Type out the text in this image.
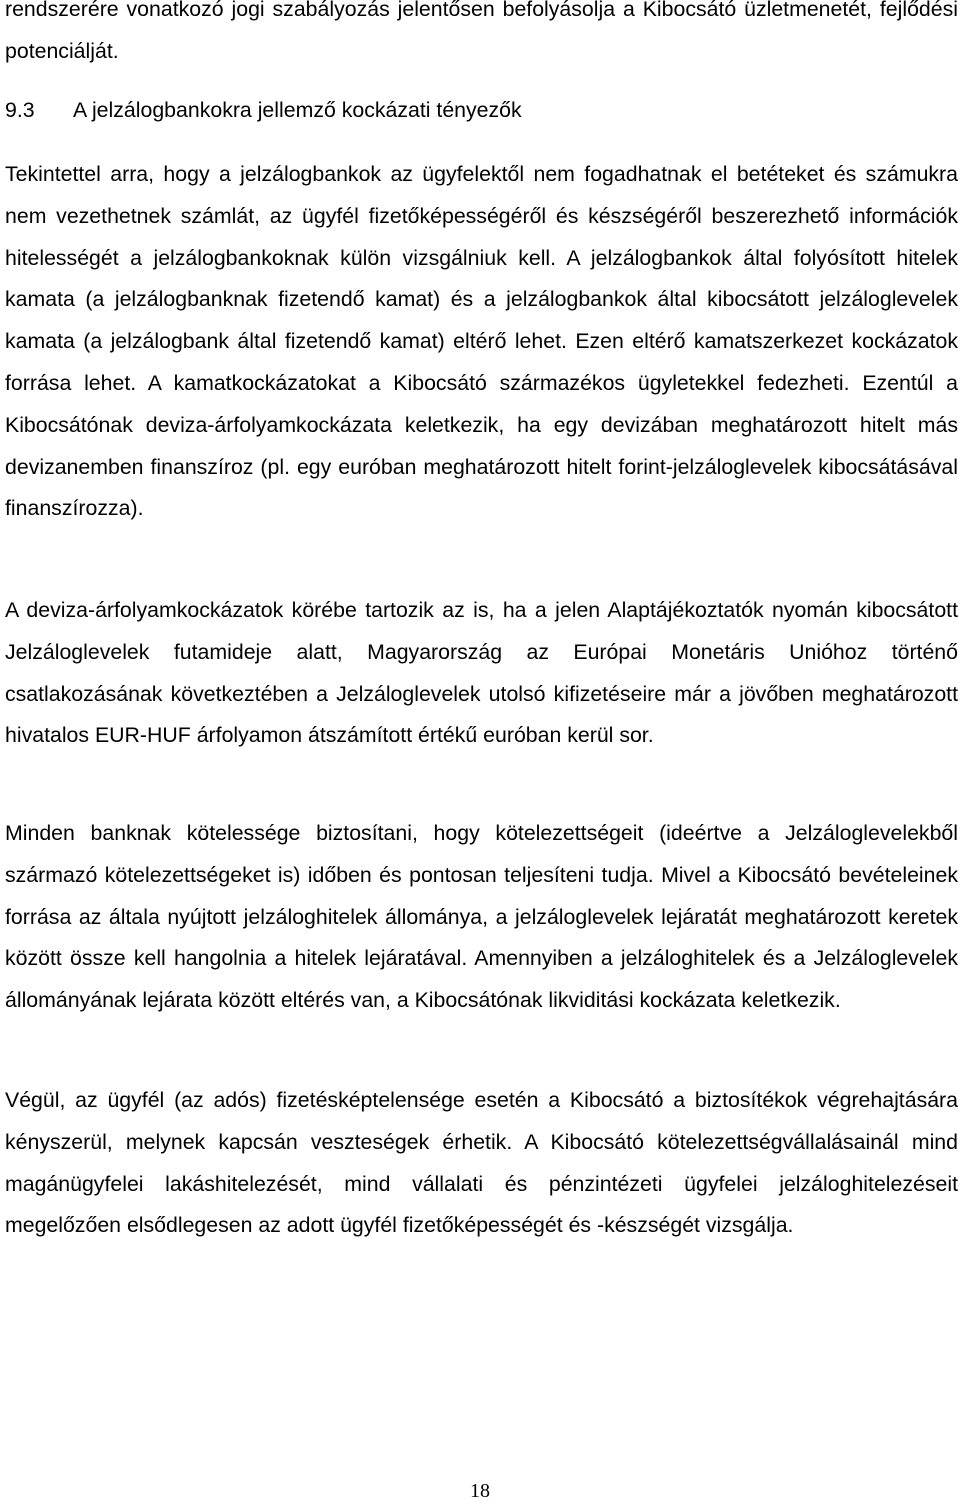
rendszerére vonatkozó jogi szabályozás jelentősen befolyásolja a Kibocsátó üzletmenetét, fejlődési potenciálját.

9.3 A jelzálogbankokra jellemző kockázati tényezők

Tekintettel arra, hogy a jelzálogbankok az ügyfelektől nem fogadhatnak el betéteket és számukra nem vezethetnek számlát, az ügyfél fizetőképességéről és készségéről beszerezhető információk hitelességét a jelzálogbankoknak külön vizsgálniuk kell. A jelzálogbankok által folyósított hitelek kamata (a jelzálogbanknak fizetendő kamat) és a jelzálogbankok által kibocsátott jelzáloglevelek kamata (a jelzálogbank által fizetendő kamat) eltérő lehet. Ezen eltérő kamatszerkezet kockázatok forrása lehet. A kamatkockázatokat a Kibocsátó származékos ügyletekkel fedezheti. Ezentúl a Kibocsátónak deviza-árfolyamkockázata keletkezik, ha egy devizában meghatározott hitelt más devizanemben finanszíroz (pl. egy euróban meghatározott hitelt forint-jelzáloglevelek kibocsátásával finanszírozza).

A deviza-árfolyamkockázatok körébe tartozik az is, ha a jelen Alaptájékoztatók nyomán kibocsátott Jelzáloglevelek futamideje alatt, Magyarország az Európai Monetáris Unióhoz történő csatlakozásának következtében a Jelzáloglevelek utolsó kifizetéseire már a jövőben meghatározott hivatalos EUR-HUF árfolyamon átszámított értékű euróban kerül sor.

Minden banknak kötelessége biztosítani, hogy kötelezettségeit (ideértve a Jelzáloglevelekből származó kötelezettségeket is) időben és pontosan teljesíteni tudja. Mivel a Kibocsátó bevételeinek forrása az általa nyújtott jelzáloghitelek állománya, a jelzáloglevelek lejáratát meghatározott keretek között össze kell hangolnia a hitelek lejáratával. Amennyiben a jelzáloghitelek és a Jelzáloglevelek állományának lejárata között eltérés van, a Kibocsátónak likviditási kockázata keletkezik.

Végül, az ügyfél (az adós) fizetésképtelensége esetén a Kibocsátó a biztosítékok végrehajtására kényszerül, melynek kapcsán veszteségek érhetik. A Kibocsátó kötelezettségvállalásainál mind magánügyfelei lakáshitelezését, mind vállalati és pénzintézeti ügyfelei jelzáloghitelezéseit megelőzően elsődlegesen az adott ügyfél fizetőképességét és -készségét vizsgálja.

18
